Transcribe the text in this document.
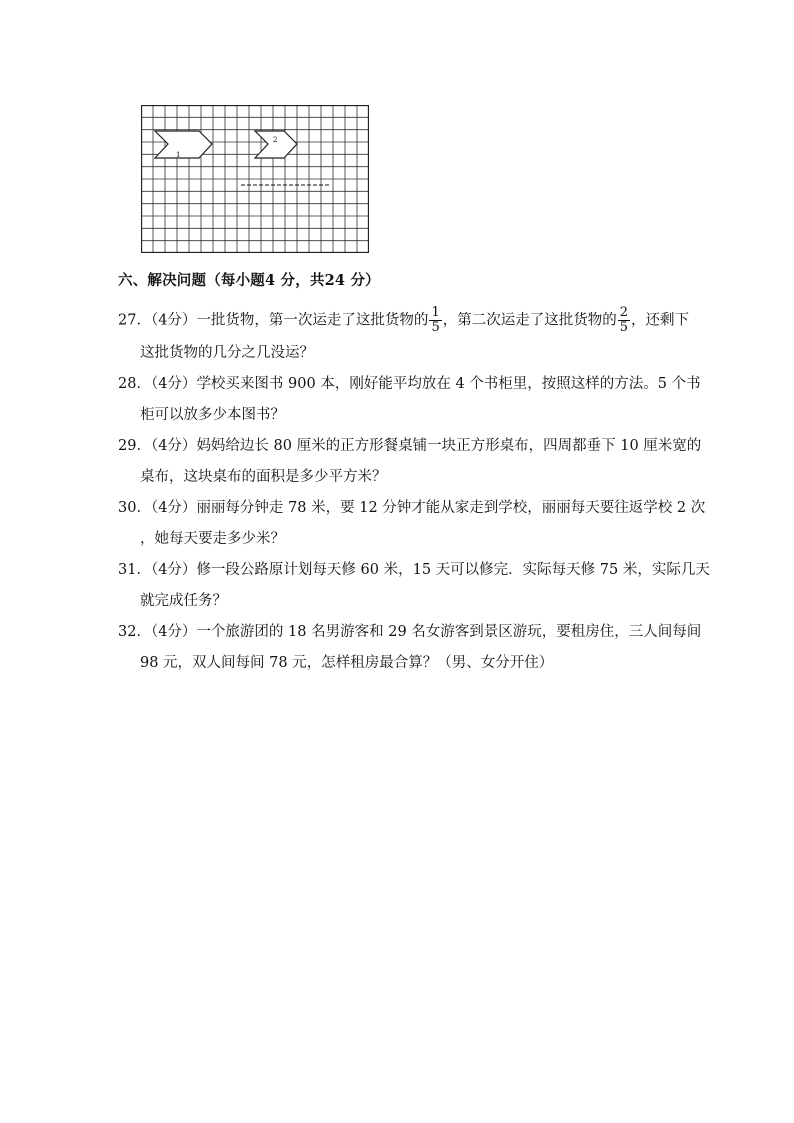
1
2
六、解决问题（每小题4 分，共24 分）
27．（4分）一批货物，第一次运走了这批货物的 $\frac{1}{5}$ ，第二次运走了这批货物的 $\frac{2}{5}$ ，还剩下
这批货物的几分之几没运？
28．（4分）学校买来图书 900 本，刚好能平均放在 4 个书柜里，按照这样的方法。5 个书
柜可以放多少本图书？
29．（4分）妈妈给边长 80 厘米的正方形餐桌铺一块正方形桌布，四周都垂下 10 厘米宽的
桌布，这块桌布的面积是多少平方米？
30．（4分）丽丽每分钟走 78 米，要 12 分钟才能从家走到学校，丽丽每天要往返学校 2 次
，她每天要走多少米？
31．（4分）修一段公路原计划每天修 60 米，15 天可以修完．实际每天修 75 米，实际几天
就完成任务？
32．（4分）一个旅游团的 18 名男游客和 29 名女游客到景区游玩，要租房住，三人间每间
98 元，双人间每间 78 元，怎样租房最合算？（男、女分开住）
